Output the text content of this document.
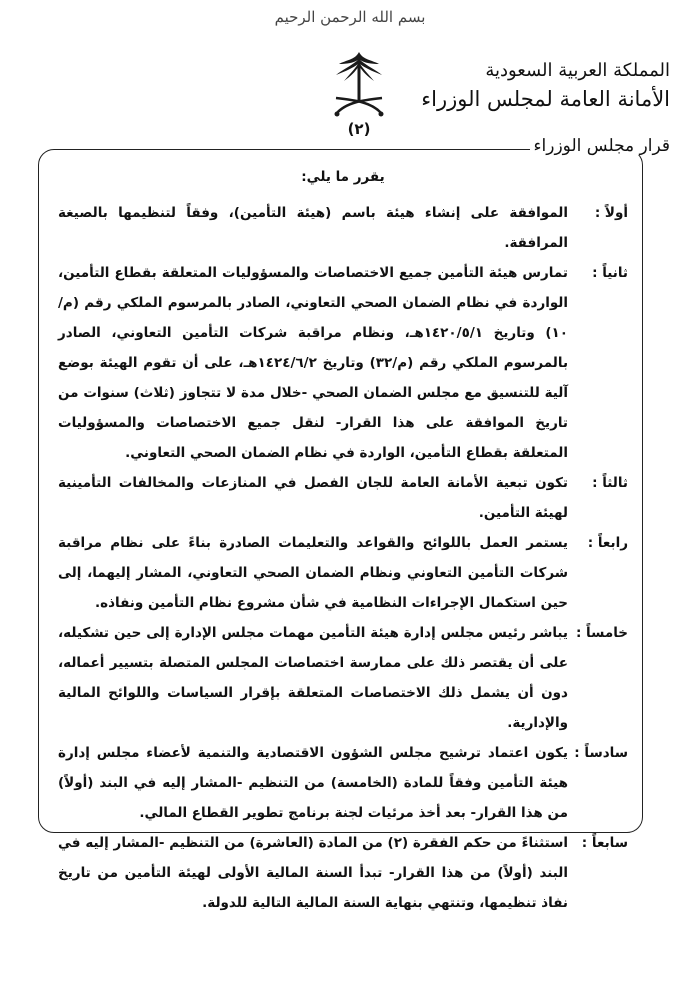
بسم الله الرحمن الرحيم
(٢)
المملكة العربية السعودية
الأمانة العامة لمجلس الوزراء
قرار مجلس الوزراء
يقرر ما يلي:
أولاً :
الموافقة على إنشاء هيئة باسم (هيئة التأمين)، وفقاً لتنظيمها بالصيغة المرافقة.
ثانياً :
تمارس هيئة التأمين جميع الاختصاصات والمسؤوليات المتعلقة بقطاع التأمين، الواردة في نظام الضمان الصحي التعاوني، الصادر بالمرسوم الملكي رقم (م/١٠) وتاريخ ١٤٢٠/٥/١هـ، ونظام مراقبة شركات التأمين التعاوني، الصادر بالمرسوم الملكي رقم (م/٣٢) وتاريخ ١٤٢٤/٦/٢هـ، على أن تقوم الهيئة بوضع آلية للتنسيق مع مجلس الضمان الصحي -خلال مدة لا تتجاوز (ثلاث) سنوات من تاريخ الموافقة على هذا القرار- لنقل جميع الاختصاصات والمسؤوليات المتعلقة بقطاع التأمين، الواردة في نظام الضمان الصحي التعاوني.
ثالثاً :
تكون تبعية الأمانة العامة للجان الفصل في المنازعات والمخالفات التأمينية لهيئة التأمين.
رابعاً :
يستمر العمل باللوائح والقواعد والتعليمات الصادرة بناءً على نظام مراقبة شركات التأمين التعاوني ونظام الضمان الصحي التعاوني، المشار إليهما، إلى حين استكمال الإجراءات النظامية في شأن مشروع نظام التأمين ونفاذه.
خامساً :
يباشر رئيس مجلس إدارة هيئة التأمين مهمات مجلس الإدارة إلى حين تشكيله، على أن يقتصر ذلك على ممارسة اختصاصات المجلس المتصلة بتسيير أعماله، دون أن يشمل ذلك الاختصاصات المتعلقة بإقرار السياسات واللوائح المالية والإدارية.
سادساً :
يكون اعتماد ترشيح مجلس الشؤون الاقتصادية والتنمية لأعضاء مجلس إدارة هيئة التأمين وفقاً للمادة (الخامسة) من التنظيم -المشار إليه في البند (أولاً) من هذا القرار- بعد أخذ مرئيات لجنة برنامج تطوير القطاع المالي.
سابعاً :
استثناءً من حكم الفقرة (٢) من المادة (العاشرة) من التنظيم -المشار إليه في البند (أولاً) من هذا القرار- تبدأ السنة المالية الأولى لهيئة التأمين من تاريخ نفاذ تنظيمها، وتنتهي بنهاية السنة المالية التالية للدولة.
